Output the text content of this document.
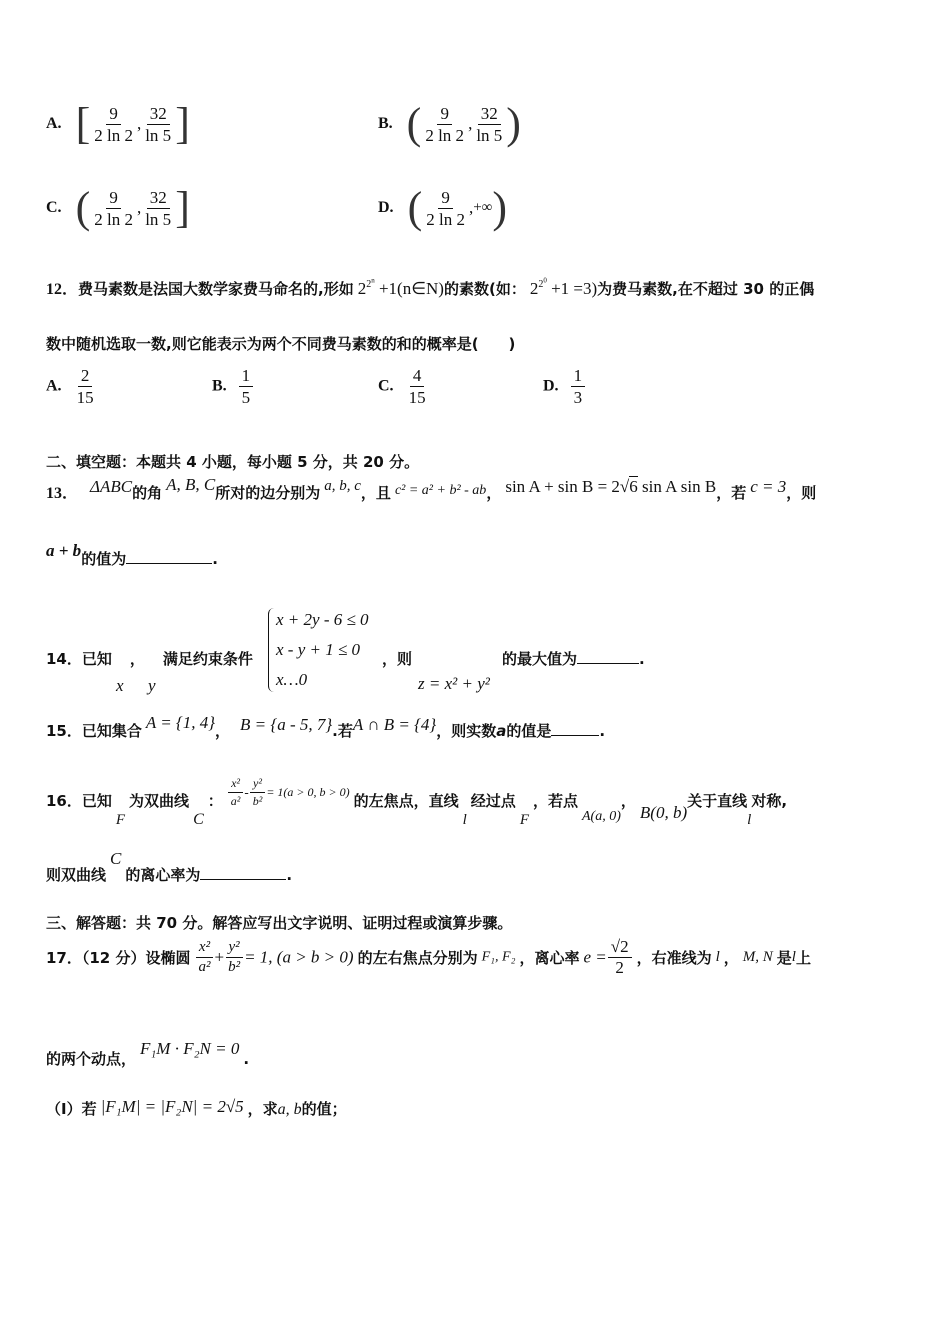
A. [ $\frac{9}{2 \ln 2}$ , $\frac{32}{\ln 5}$ ]	B. ( $\frac{9}{2 \ln 2}$ , $\frac{32}{\ln 5}$ )
C. ( $\frac{9}{2 \ln 2}$ , $\frac{32}{\ln 5}$ ]	D. ( $\frac{9}{2 \ln 2}$ ,+∞)
12．费马素数是法国大数学家费马命名的,形如 $2^{2^n}$ +1(n∈N)的素数(如： $2^{2^0} +1 =3$)为费马素数,在不超过 30 的正偶
数中随机选取一数,则它能表示为两个不同费马素数的和的概率是(　　)
A. $\frac{2}{15}$	B. $\frac{1}{5}$	C. $\frac{4}{15}$	D. $\frac{1}{3}$
二、填空题：本题共 4 小题，每小题 5 分，共 20 分。
13． ΔABC的角 A, B, C所对的边分别为 a, b, c，且 c² = a² + b² - ab， sin A + sin B = 2√6 sin A sin B，若 c = 3，则
a + b的值为	.
x + 2y - 6 ≤ 0
x - y + 1 ≤ 0
x…0
14．已知 ， 满足约束条件
x y
，则
z = x² + y²
的最大值为	.
15．已知集合 A = {1, 4}， B = {a - 5, 7}.若A ∩ B = {4}，则实数a的值是	.
16．已知 F 为双曲线 C ： $\frac{\text{x²}}{\text{a²}} - \frac{\text{y²}}{\text{b²}} = 1(a > 0$, b > 0) 的左焦点，直线 l 经过点 F ，若点 A(a, 0)， B(0, b)关于直线l对称,
则双曲线 C 的离心率为	.
三、解答题：共 70 分。解答应写出文字说明、证明过程或演算步骤。
17．（12 分）设椭圆 $\frac{\text{x²}}{\text{a²}} + \frac{\text{y²}}{\text{b²}} = 1$, (a > b > 0) 的左右焦点分别为 F₁, F₂ ，离心率 $e = \frac{√2}{2}$ ，右准线为 l ， M, N 是l上
的两个动点， F₁M · F₂N = 0 .
（Ⅰ）若 |F₁M| = |F₂N| = 2√5 ，求a, b的值；
